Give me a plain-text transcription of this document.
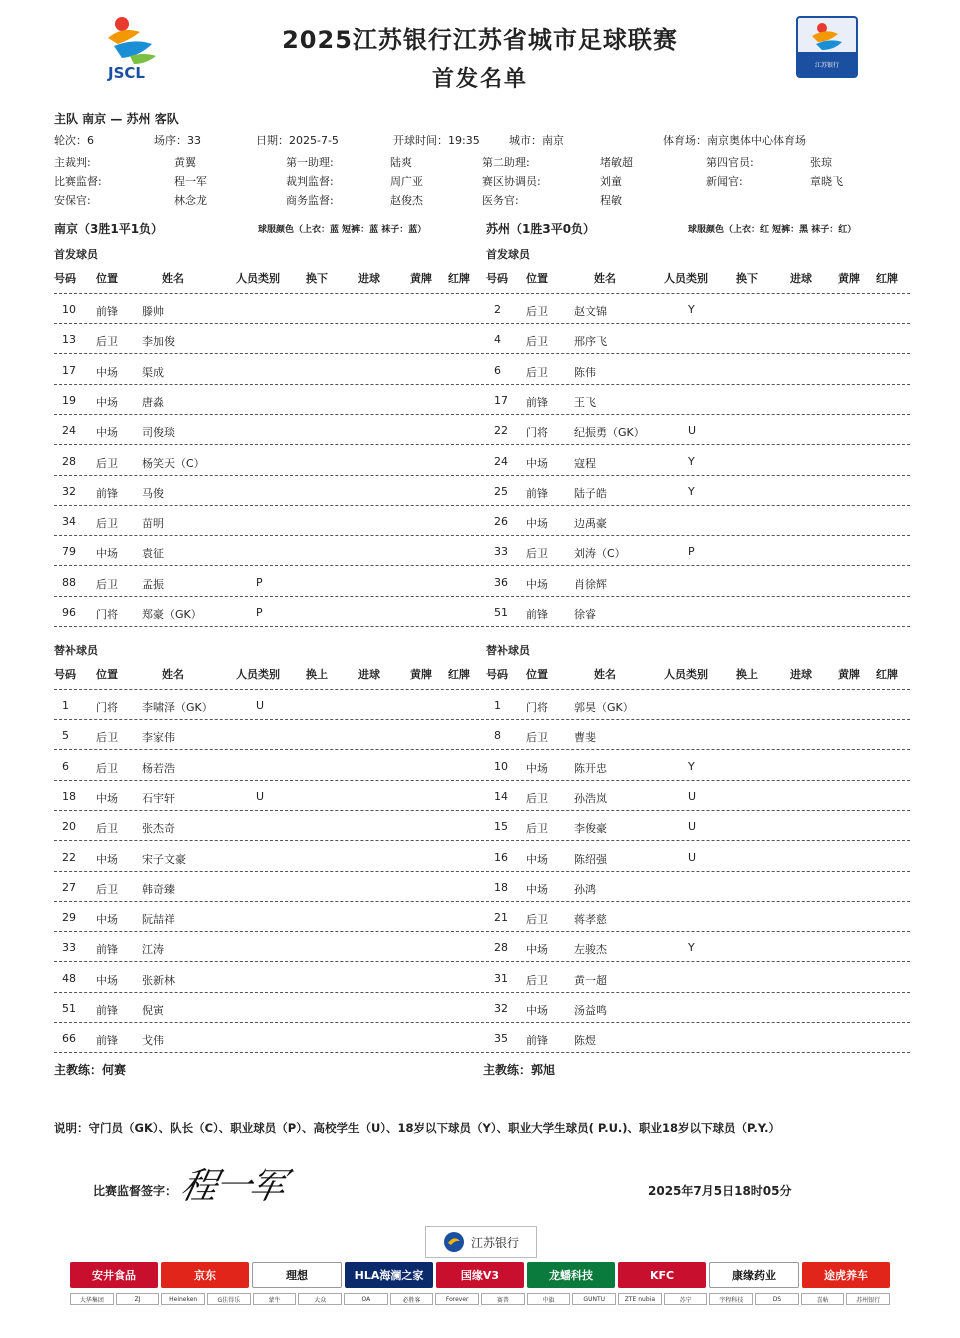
JSCL	江苏银行
2025江苏银行江苏省城市足球联赛
首发名单
主队 南京 — 苏州 客队
轮次：6	场序：33	日期：2025-7-5	开球时间：19:35	城市：南京	体育场：南京奥体中心体育场
主裁判:	黄翼	第一助理:	陆爽	第二助理:	堵敏超	第四官员:	张琼
比赛监督:	程一军	裁判监督:	周广亚	赛区协调员:	刘童	新闻官:	章晓飞
安保官:	林念龙	商务监督:	赵俊杰	医务官:	程敏
南京（3胜1平1负）	球服颜色（上衣：蓝 短裤：蓝 袜子：蓝）	苏州（1胜3平0负）	球服颜色（上衣：红 短裤：黑 袜子：红）
首发球员	首发球员
替补球员	替补球员
号码 位置	姓名	人员类别 换下	进球	黄牌 红牌
10 前锋 滕帅
13 后卫 李加俊
17 中场 渠成
19 中场 唐淼
24 中场 司俊琰
28 后卫 杨笑天（C）
32 前锋 马俊
34 后卫 苗明
79 中场 袁征
88 后卫 孟振	P
96 门将 郑豪（GK）	P
号码 位置	姓名	人员类别	换下	进球 黄牌 红牌
2 后卫 赵文锦	Y
4 后卫 邢序飞
6 后卫 陈伟
17 前锋 王飞
22 门将 纪振勇（GK）	U
24 中场 寇程	Y
25 前锋 陆子皓	Y
26 中场 边禹豪
33 后卫 刘涛（C）	P
36 中场 肖徐辉
51 前锋 徐睿
号码 位置	姓名	人员类别 换上	进球	黄牌 红牌
1 门将 李啸泽（GK）	U
5 后卫 李家伟
6 后卫 杨若浩
18 中场 石宇轩	U
20 后卫 张杰奇
22 中场 宋子文豪
27 后卫 韩奇臻
29 中场 阮喆祥
33 前锋 江涛
48 中场 张新林
51 前锋 倪寅
66 前锋 戈伟
号码 位置	姓名	人员类别	换上	进球 黄牌 红牌
1 门将 郭昊（GK）
8 后卫 曹斐
10 中场 陈开忠	Y
14 后卫 孙浩岚	U
15 后卫 李俊豪	U
16 中场 陈绍强	U
18 中场 孙鸿
21 后卫 蒋孝慈
28 中场 左骏杰	Y
31 后卫 黄一超
32 中场 汤益鸣
35 前锋 陈煜
主教练：何赛	主教练：郭旭
说明：守门员（GK）、队长（C）、职业球员（P）、高校学生（U）、18岁以下球员（Y）、职业大学生球员( P.U.)、职业18岁以下球员（P.Y.）
比赛监督签字： 程一军	2025年7月5日18时05分
江苏银行
安井食品	京东	理想	HLA海澜之家	国缘V3	龙蟠科技	KFC	康缘药业	途虎养车
大华集团	ZJ	Heineken	G佳得乐	蒙牛	大众	OA	必胜客	Forever	赛普	中旗	GUNTU	ZTE nubia	苏宁	宇程科技	DS	喜帖	苏州银行
